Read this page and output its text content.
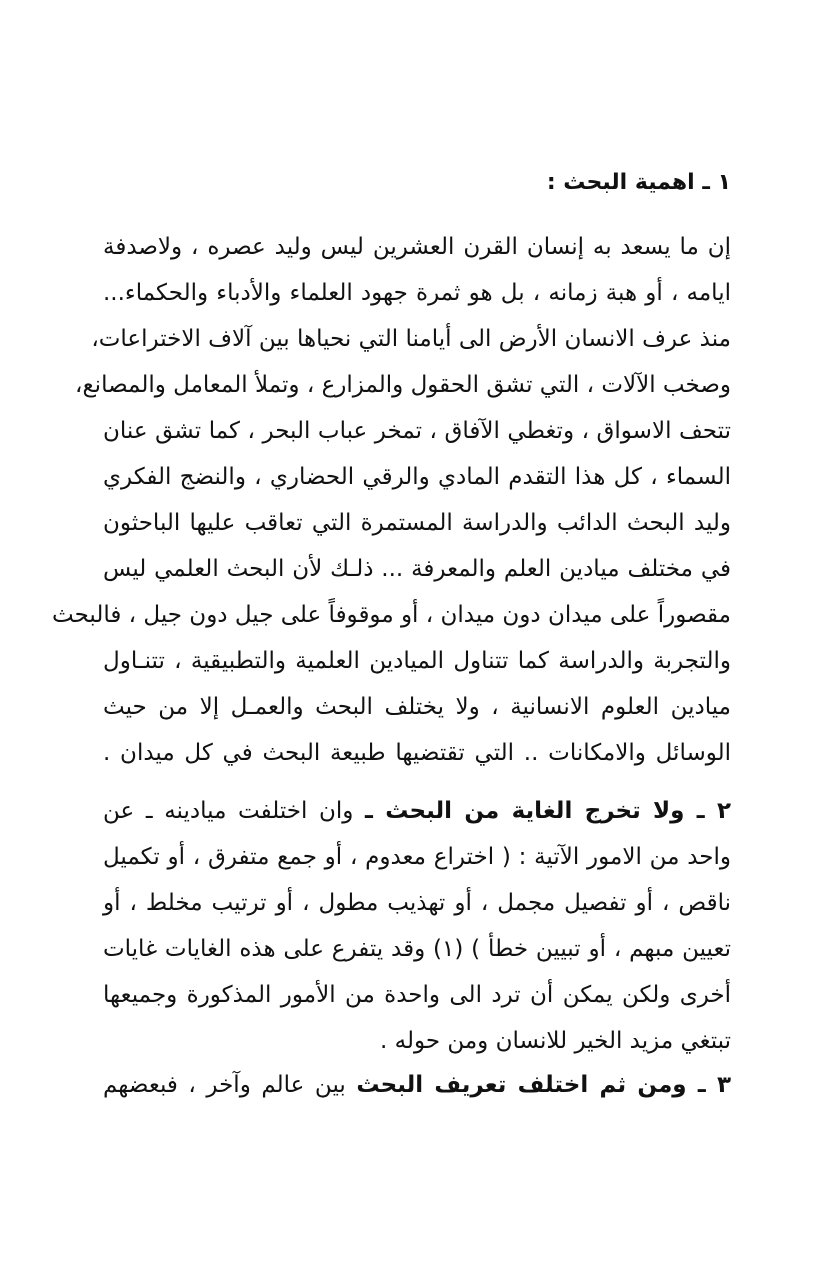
١ ـ اهمية البحث :
إن ما يسعد به إنسان القرن العشرين ليس وليد عصره ، ولاصدفة
ايامه ، أو هبة زمانه ، بل هو ثمرة جهود العلماء والأدباء والحكماء...
منذ عرف الانسان الأرض الى أيامنا التي نحياها بين آلاف الاختراعات،
وصخب الآلات ، التي تشق الحقول والمزارع ، وتملأ المعامل والمصانع،
تتحف الاسواق ، وتغطي الآفاق ، تمخر عباب البحر ، كما تشق عنان
السماء ، كل هذا التقدم المادي والرقي الحضاري ، والنضج الفكري
وليد البحث الدائب والدراسة المستمرة التي تعاقب عليها الباحثون
في مختلف ميادين العلم والمعرفة ... ذلـك لأن البحث العلمي ليس
مقصوراً على ميدان دون ميدان ، أو موقوفاً على جيل دون جيل ، فالبحث
والتجربة والدراسة كما تتناول الميادين العلمية والتطبيقية ، تتنـاول
ميادين العلوم الانسانية ، ولا يختلف البحث والعمـل إلا من حيث
الوسائل والامكانات .. التي تقتضيها طبيعة البحث في كل ميدان .
٢ ـ ولا تخرج الغاية من البحث ـ وان اختلفت ميادينه ـ عن
واحد من الامور الآتية : ( اختراع معدوم ، أو جمع متفرق ، أو تكميل
ناقص ، أو تفصيل مجمل ، أو تهذيب مطول ، أو ترتيب مخلط ، أو
تعيين مبهم ، أو تبيين خطأ ) (١) وقد يتفرع على هذه الغايات غايات
أخرى ولكن يمكن أن ترد الى واحدة من الأمور المذكورة وجميعها
تبتغي مزيد الخير للانسان ومن حوله .
٣ ـ ومن ثم اختلف تعريف البحث بين عالم وآخر ، فبعضهم
